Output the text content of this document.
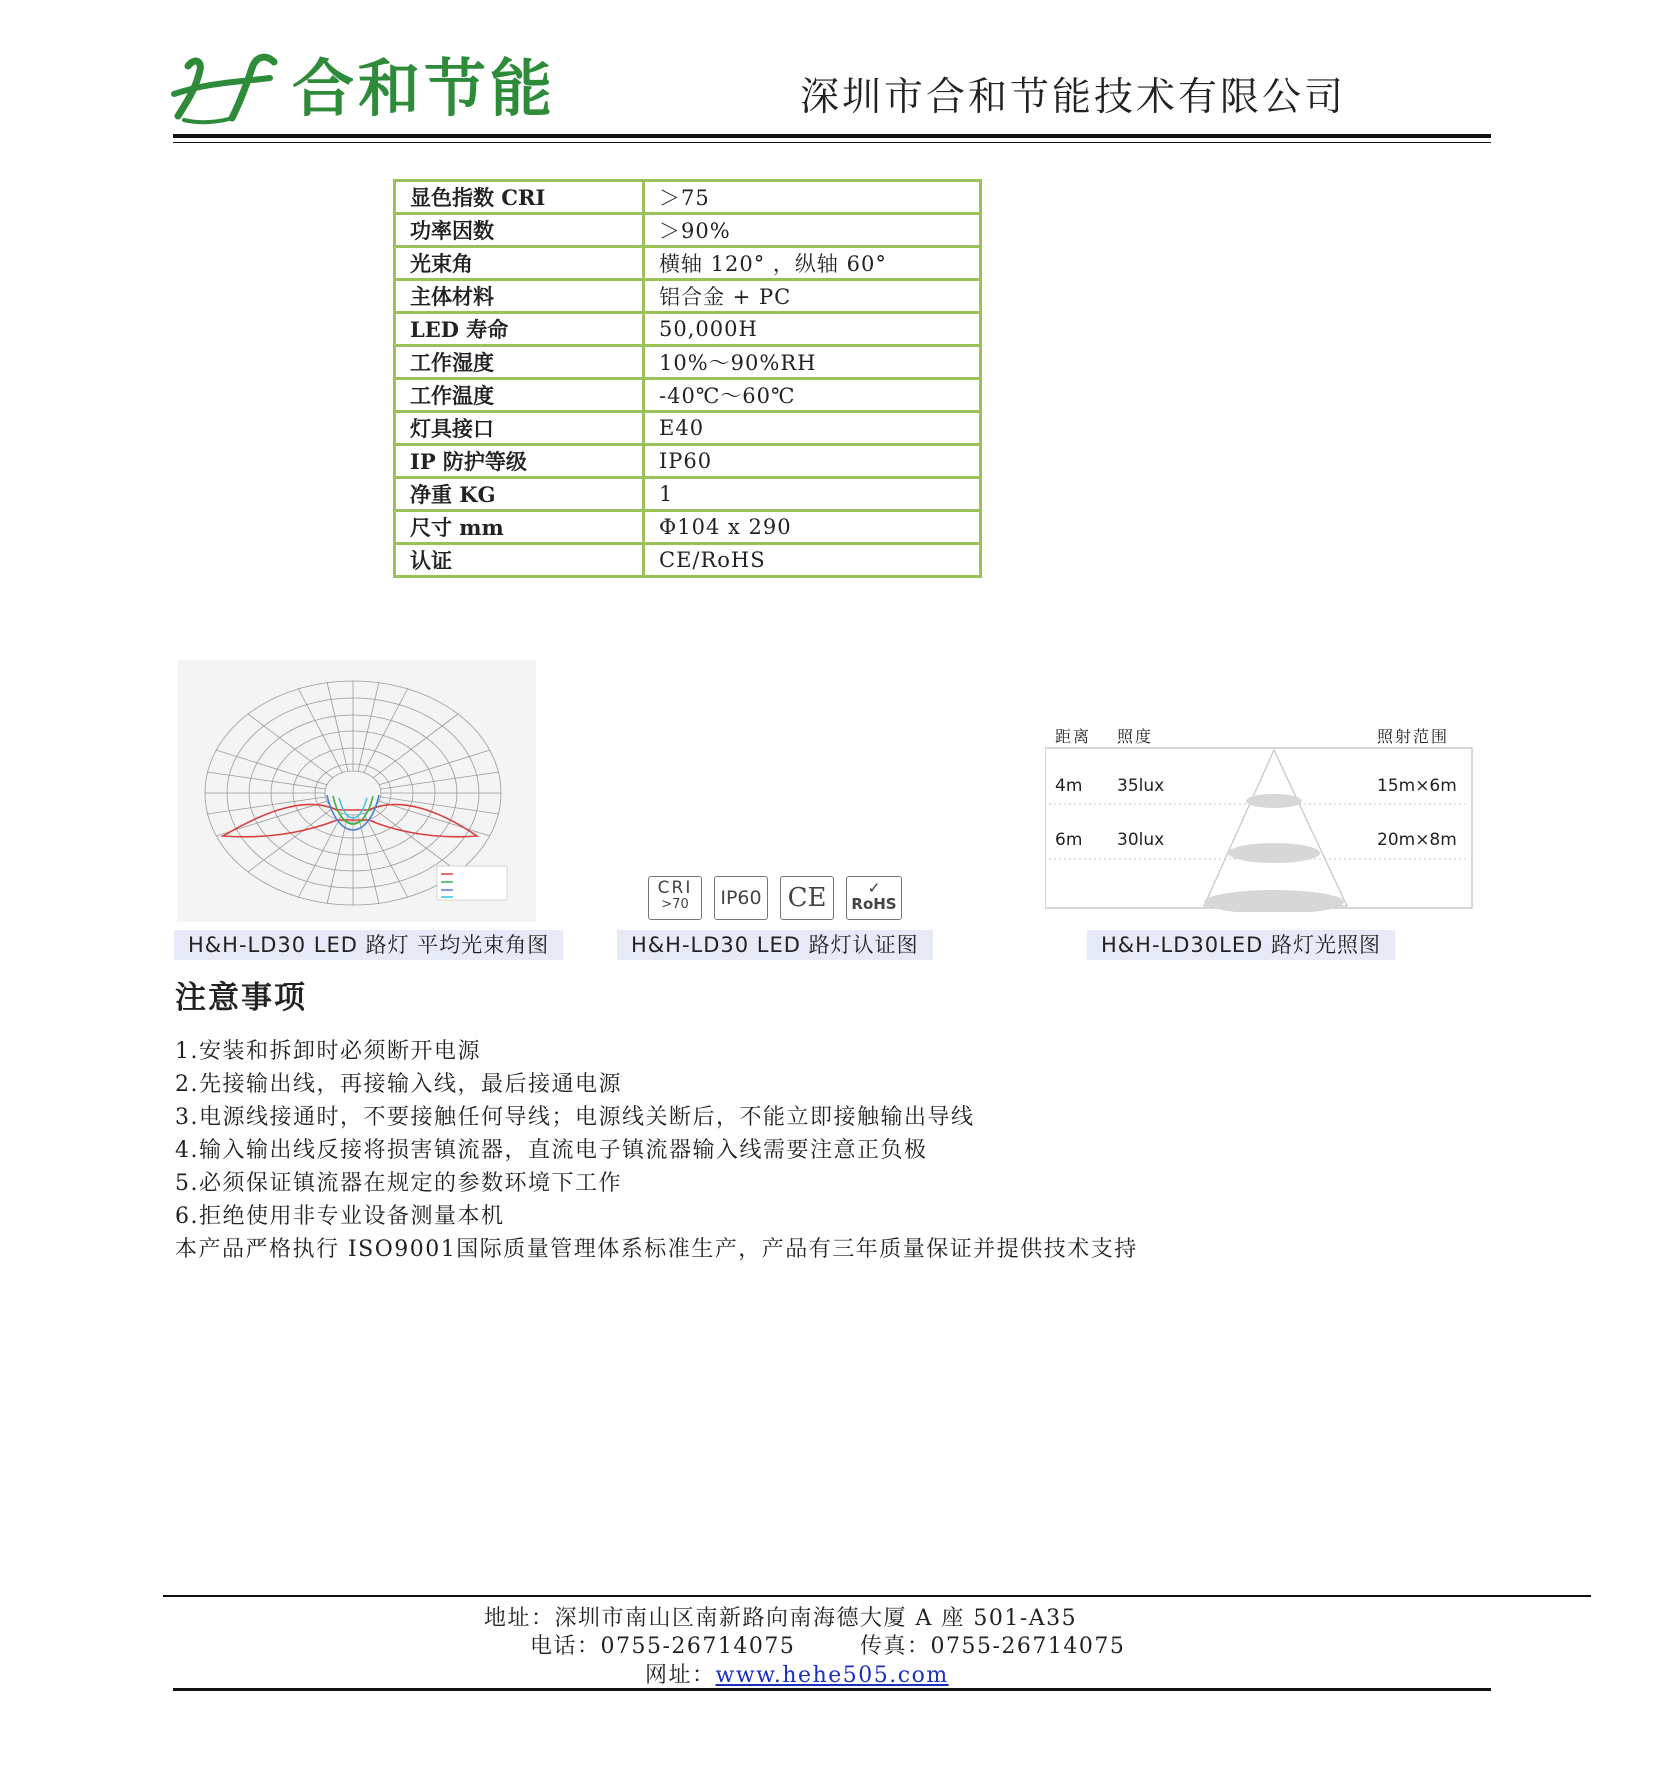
合和节能	深圳市合和节能技术有限公司
显色指数 CRI	＞75
功率因数	＞90%
光束角	横轴 120° ，纵轴 60°
主体材料	铝合金 + PC
LED 寿命	50,000H
工作湿度	10%～90%RH
工作温度	-40℃～60℃
灯具接口	E40
IP 防护等级	IP60
净重 KG	1
尺寸 mm	Φ104 x 290
认证	CE/RoHS
H&H-LD30 LED 路灯 平均光束角图
CRI
>70	IP60 CE	✓
RoHS
H&H-LD30 LED 路灯认证图
距离 照度	照射范围
4m 35lux	15m×6m
6m 30lux	20m×8m
H&H-LD30LED 路灯光照图
注意事项
1.安装和拆卸时必须断开电源
2.先接输出线，再接输入线，最后接通电源
3.电源线接通时，不要接触任何导线；电源线关断后，不能立即接触输出导线
4.输入输出线反接将损害镇流器，直流电子镇流器输入线需要注意正负极
5.必须保证镇流器在规定的参数环境下工作
6.拒绝使用非专业设备测量本机
本产品严格执行 ISO9001国际质量管理体系标准生产，产品有三年质量保证并提供技术支持
地址：深圳市南山区南新路向南海德大厦 A 座 501-A35
电话：0755-26714075	传真：0755-26714075
网址：www.hehe505.com
